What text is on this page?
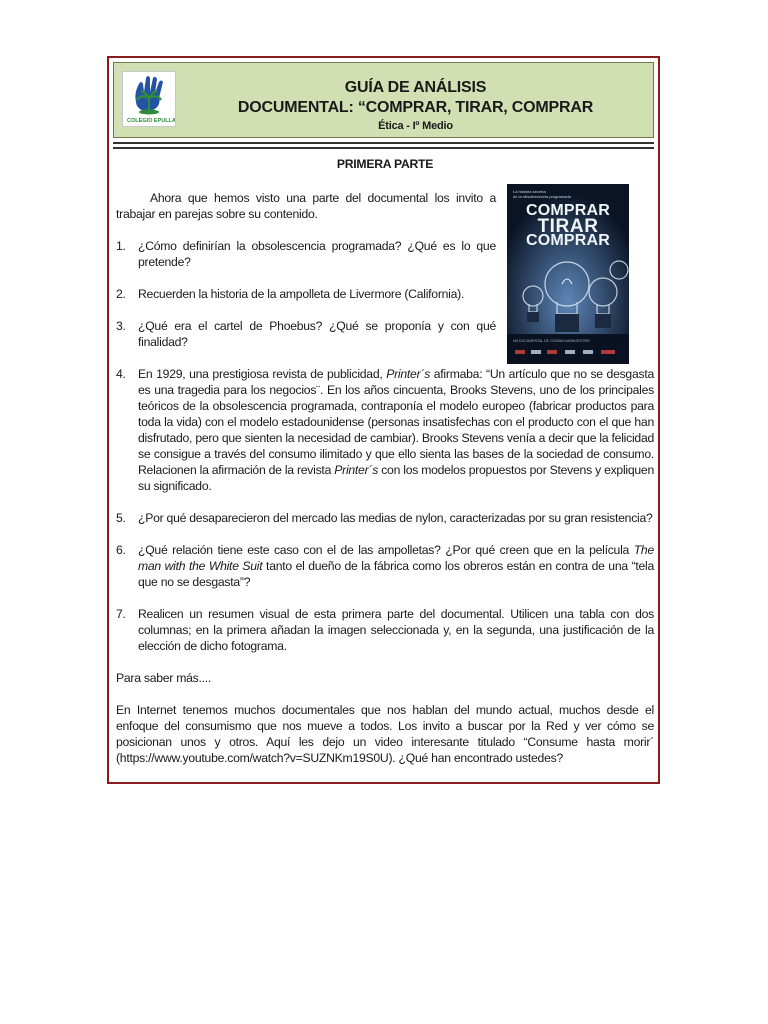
COLEGIO EPULLAY
GUÍA DE ANÁLISIS
DOCUMENTAL: “COMPRAR, TIRAR, COMPRAR
Ética - Iº Medio
La historia secreta
de la obsolescencia programada
UN DOCUMENTAL DE COSIMA DANNORITZER
COMPRAR
TIRAR
COMPRAR
PRIMERA PARTE

Ahora que hemos visto una parte del documental los invito a trabajar en parejas sobre su contenido.

1. ¿Cómo definirían la obsolescencia programada? ¿Qué es lo que pretende?
2. Recuerden la historia de la ampolleta de Livermore (California).
3. ¿Qué era el cartel de Phoebus? ¿Qué se proponía y con qué finalidad?
4. En 1929, una prestigiosa revista de publicidad, Printer´s afirmaba: “Un artículo que no se desgasta es una tragedia para los negocios¨. En los años cincuenta, Brooks Stevens, uno de los principales teóricos de la obsolescencia programada, contraponía el modelo europeo (fabricar productos para toda la vida) con el modelo estadounidense (personas insatisfechas con el producto con el que han disfrutado, pero que sienten la necesidad de cambiar). Brooks Stevens venía a decir que la felicidad se consigue a través del consumo ilimitado y que ello sienta las bases de la sociedad de consumo. Relacionen la afirmación de la revista Printer´s con los modelos propuestos por Stevens y expliquen su significado.
5. ¿Por qué desaparecieron del mercado las medias de nylon, caracterizadas por su gran resistencia?
6. ¿Qué relación tiene este caso con el de las ampolletas? ¿Por qué creen que en la película The man with the White Suit tanto el dueño de la fábrica como los obreros están en contra de una “tela que no se desgasta”?
7. Realicen un resumen visual de esta primera parte del documental. Utilicen una tabla con dos columnas; en la primera añadan la imagen seleccionada y, en la segunda, una justificación de la elección de dicho fotograma.

Para saber más....

En Internet tenemos muchos documentales que nos hablan del mundo actual, muchos desde el enfoque del consumismo que nos mueve a todos. Los invito a buscar por la Red y ver cómo se posicionan unos y otros. Aquí les dejo un video interesante titulado “Consume hasta morir´ (https://www.youtube.com/watch?v=SUZNKm19S0U). ¿Qué han encontrado ustedes?
